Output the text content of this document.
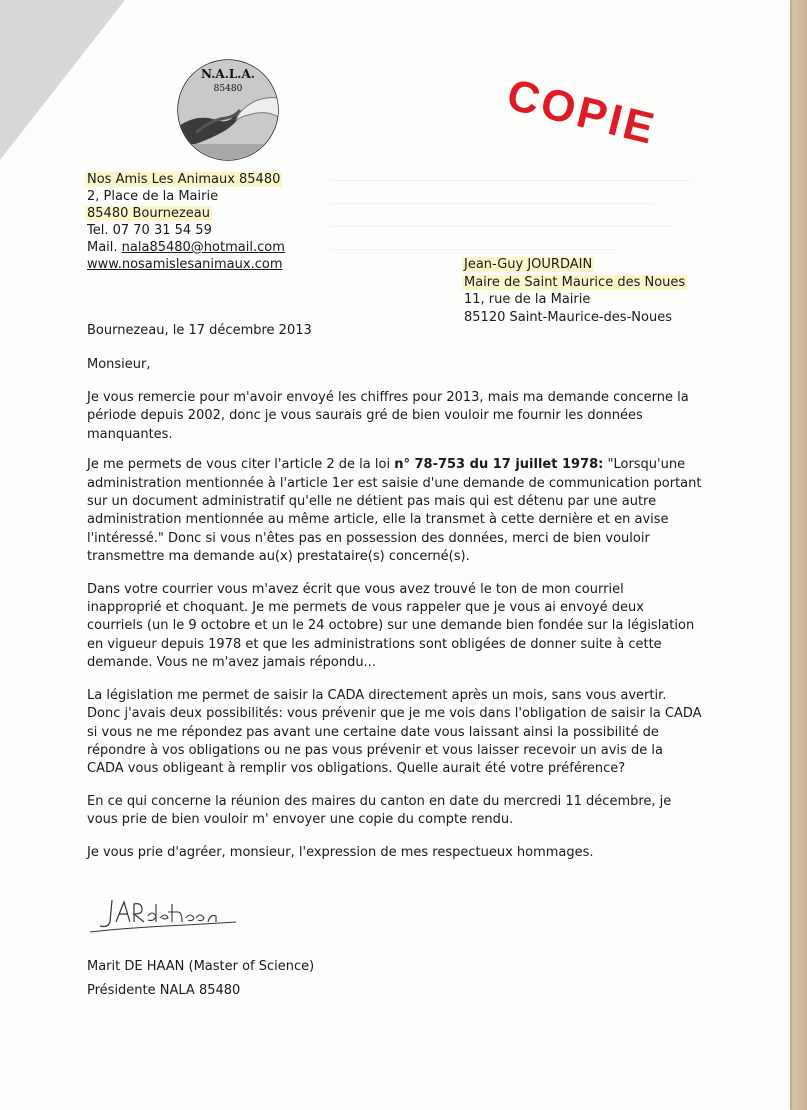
N.A.L.A.
85480	COPIE
Nos Amis Les Animaux 85480
2, Place de la Mairie
85480 Bournezeau
Tel. 07 70 31 54 59
Mail. nala85480@hotmail.com
www.nosamislesanimaux.com	Jean-Guy JOURDAIN
Maire de Saint Maurice des Noues
11, rue de la Mairie
85120 Saint-Maurice-des-Noues
Bournezeau, le 17 décembre 2013
Monsieur,

Je vous remercie pour m'avoir envoyé les chiffres pour 2013, mais ma demande concerne la période depuis 2002, donc je vous saurais gré de bien vouloir me fournir les données manquantes.

Je me permets de vous citer l'article 2 de la loi n° 78-753 du 17 juillet 1978: "Lorsqu'une administration mentionnée à l'article 1er est saisie d'une demande de communication portant sur un document administratif qu'elle ne détient pas mais qui est détenu par une autre administration mentionnée au même article, elle la transmet à cette dernière et en avise l'intéressé." Donc si vous n'êtes pas en possession des données, merci de bien vouloir transmettre ma demande au(x) prestataire(s) concerné(s).

Dans votre courrier vous m'avez écrit que vous avez trouvé le ton de mon courriel inapproprié et choquant. Je me permets de vous rappeler que je vous ai envoyé deux courriels (un le 9 octobre et un le 24 octobre) sur une demande bien fondée sur la législation en vigueur depuis 1978 et que les administrations sont obligées de donner suite à cette demande. Vous ne m'avez jamais répondu...

La législation me permet de saisir la CADA directement après un mois, sans vous avertir. Donc j'avais deux possibilités: vous prévenir que je me vois dans l'obligation de saisir la CADA si vous ne me répondez pas avant une certaine date vous laissant ainsi la possibilité de répondre à vos obligations ou ne pas vous prévenir et vous laisser recevoir un avis de la CADA vous obligeant à remplir vos obligations. Quelle aurait été votre préférence?

En ce qui concerne la réunion des maires du canton en date du mercredi 11 décembre, je vous prie de bien vouloir m' envoyer une copie du compte rendu.

Je vous prie d'agréer, monsieur, l'expression de mes respectueux hommages.

Marit DE HAAN (Master of Science)
Présidente NALA 85480
